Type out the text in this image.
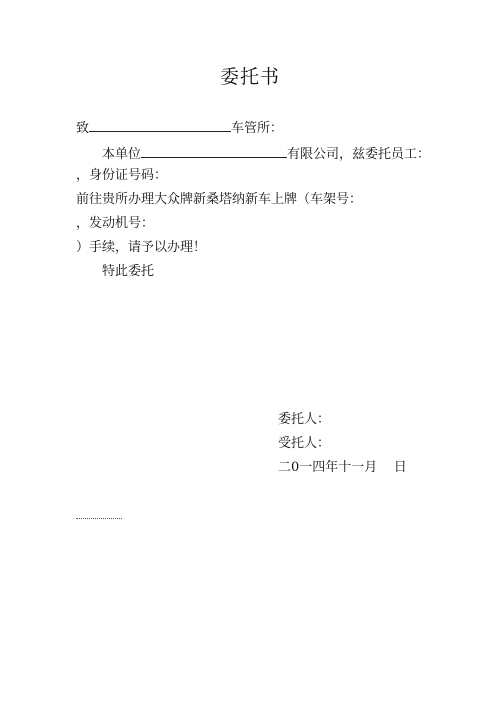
委托书
致	车管所：
本单位	有限公司，兹委托员工：
，身份证号码：
前往贵所办理大众牌新桑塔纳新车上牌（车架号：
，发动机号：
）手续，请予以办理！
特此委托
委托人：
受托人：
二0一四年十一月    日
